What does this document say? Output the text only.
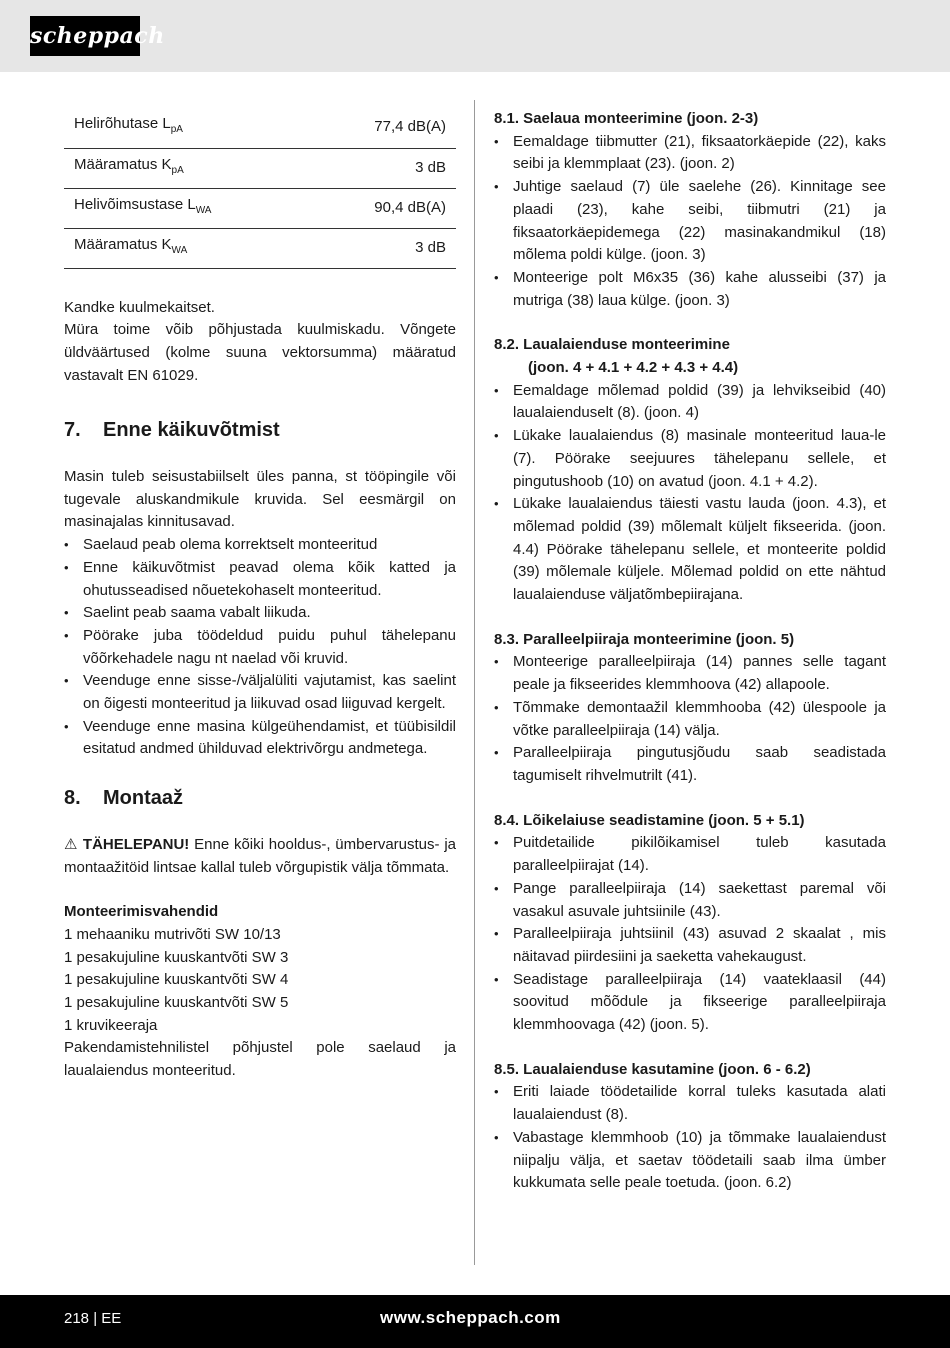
scheppach
Helirõhutase $L_{pA}$	77,4 dB(A)
Määramatus $K_{pA}$	3 dB
Helivõimsustase $L_{WA}$	90,4 dB(A)
Määramatus $K_{WA}$	3 dB

Kandke kuulmekaitset.

Müra toime võib põhjustada kuulmiskadu. Võngete üldväärtused (kolme suuna vektorsumma) määratud vastavalt EN 61029.

7. Enne käikuvõtmist

Masin tuleb seisustabiilselt üles panna, st tööpingile või tugevale aluskandmikule kruvida. Sel eesmärgil on masinajalas kinnitusavad.

• Saelaud peab olema korrektselt monteeritud
• Enne käikuvõtmist peavad olema kõik katted ja ohutusseadised nõuetekohaselt monteeritud.
• Saelint peab saama vabalt liikuda.
• Pöörake juba töödeldud puidu puhul tähelepanu võõrkehadele nagu nt naelad või kruvid.
• Veenduge enne sisse-/väljalüliti vajutamist, kas saelint on õigesti monteeritud ja liikuvad osad liiguvad kergelt.
• Veenduge enne masina külgeühendamist, et tüübisildil esitatud andmed ühilduvad elektrivõrgu andmetega.
8. Montaaž

⚠ TÄHELEPANU! Enne kõiki hooldus-, ümbervarustus- ja montaažitöid lintsae kallal tuleb võrgupistik välja tõmmata.

Monteerimisvahendid

1 mehaaniku mutrivõti SW 10/13

1 pesakujuline kuuskantvõti SW 3

1 pesakujuline kuuskantvõti SW 4

1 pesakujuline kuuskantvõti SW 5

1 kruvikeeraja

Pakendamistehnilistel põhjustel pole saelaud ja laualaiendus monteeritud.

8.1. Saelaua monteerimine (joon. 2-3)

• Eemaldage tiibmutter (21), fiksaatorkäepide (22), kaks seibi ja klemmplaat (23). (joon. 2)
• Juhtige saelaud (7) üle saelehe (26). Kinnitage see plaadi (23), kahe seibi, tiibmutri (21) ja fiksaatorkäepidemega (22) masinakandmikul (18) mõlema poldi külge. (joon. 3)
• Monteerige polt M6x35 (36) kahe alusseibi (37) ja mutriga (38) laua külge. (joon. 3)

8.2. Laualaienduse monteerimine

(joon. 4 + 4.1 + 4.2 + 4.3 + 4.4)

• Eemaldage mõlemad poldid (39) ja lehvikseibid (40) laualaienduselt (8). (joon. 4)
• Lükake laualaiendus (8) masinale monteeritud laua-le (7). Pöörake seejuures tähelepanu sellele, et pingutushoob (10) on avatud (joon. 4.1 + 4.2).
• Lükake laualaiendus täiesti vastu lauda (joon. 4.3), et mõlemad poldid (39) mõlemalt küljelt fikseerida. (joon. 4.4) Pöörake tähelepanu sellele, et monteeritе poldid (39) mõlemale küljele. Mõlemad poldid on ette nähtud laualaienduse väljatõmbepiirajana.

8.3. Paralleelpiiraja monteerimine (joon. 5)

• Monteerige paralleelpiiraja (14) pannes selle tagant peale ja fikseerides klemmhoova (42) allapoole.
• Tõmmake demontaažil klemmhooba (42) ülespoole ja võtke paralleelpiiraja (14) välja.
• Paralleelpiiraja pingutusjõudu saab seadistada tagumiselt rihvelmutrilt (41).

8.4. Lõikelaiuse seadistamine (joon. 5 + 5.1)

• Puitdetailide pikilõikamisel tuleb kasutada paralleelpiirajat (14).
• Pange paralleelpiiraja (14) saekettast paremal või vasakul asuvale juhtsiinile (43).
• Paralleelpiiraja juhtsiinil (43) asuvad 2 skaalat , mis näitavad piirdesiini ja saeketta vahekaugust.
• Seadistage paralleelpiiraja (14) vaateklaasil (44) soovitud mõõdule ja fikseerige paralleelpiiraja klemmhoovaga (42) (joon. 5).

8.5. Laualaienduse kasutamine (joon. 6 - 6.2)

• Eriti laiade töödetailide korral tuleks kasutada alati laualaiendust (8).
• Vabastage klemmhoob (10) ja tõmmake laualaiendust niipalju välja, et saetav töödetaili saab ilma ümber kukkumata selle peale toetuda. (joon. 6.2)
218 | EE	www.scheppach.com
